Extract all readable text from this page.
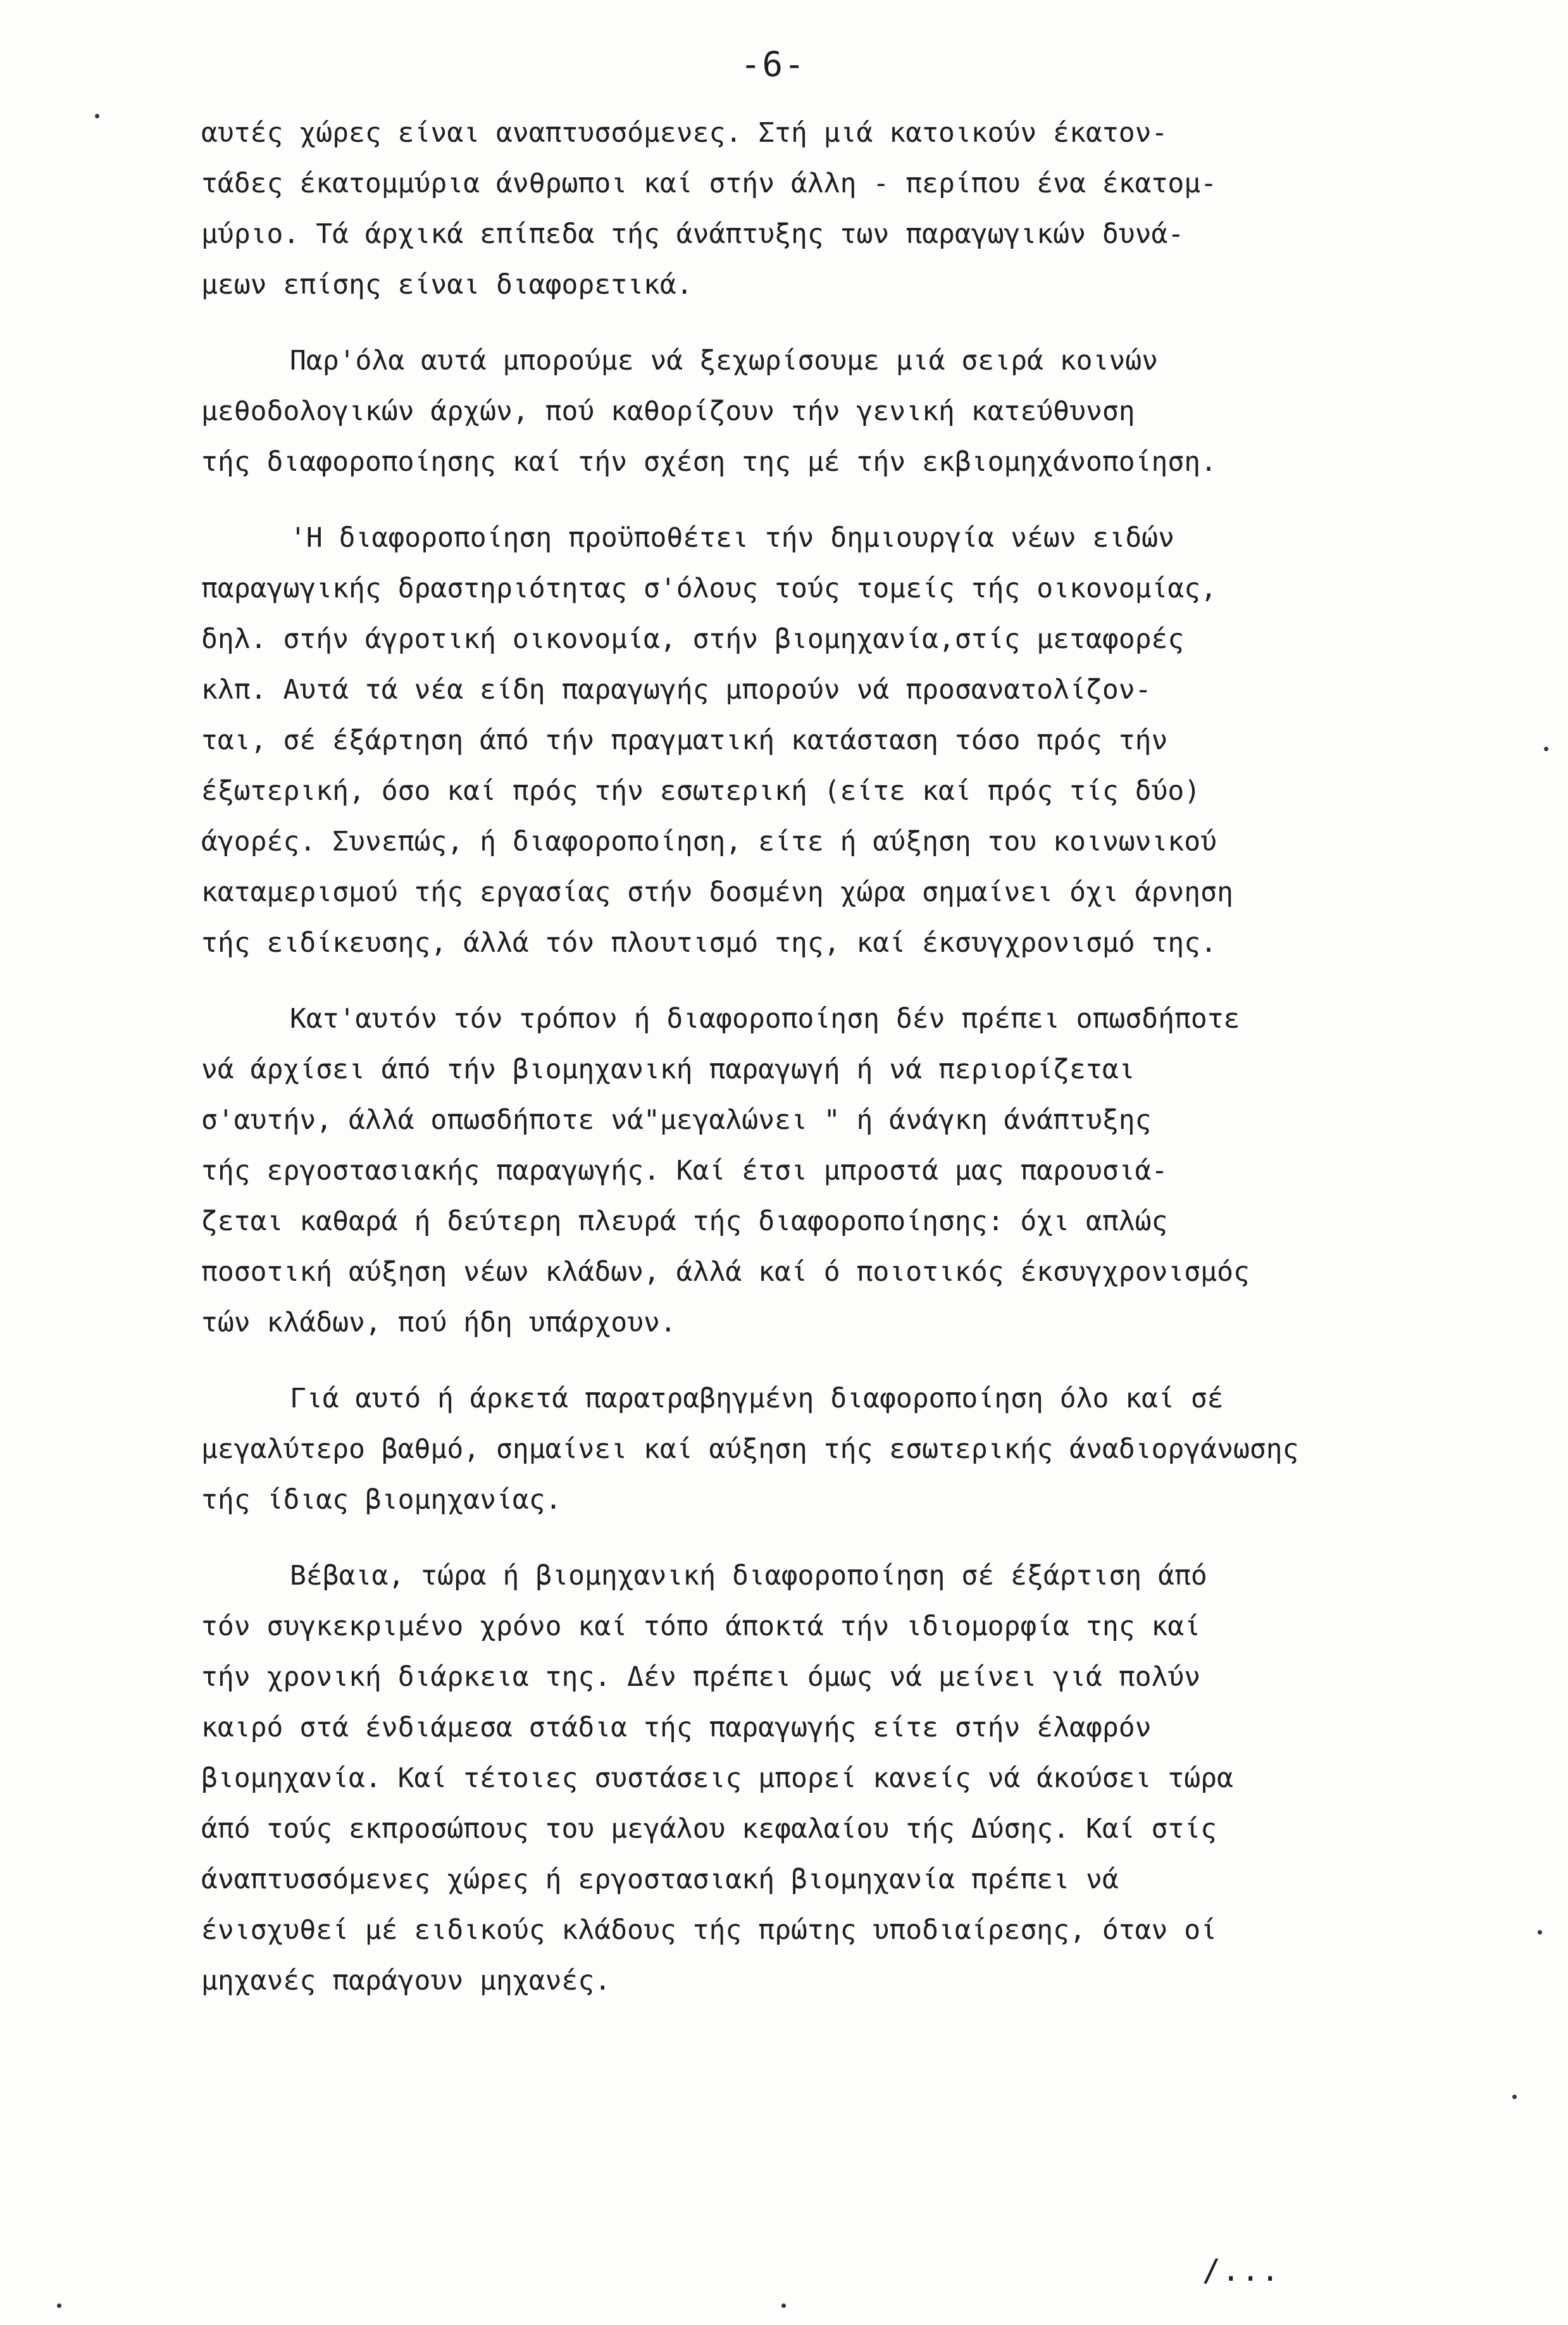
-6-
αυτές χώρες είναι αναπτυσσόμενες. Στή μιά κατοικούν έκατον-
τάδες έκατομμύρια άνθρωποι καί στήν άλλη - περίπου ένα έκατομ-
μύριο. Τά άρχικά επίπεδα τής άνάπτυξης των παραγωγικών δυνά-
μεων επίσης είναι διαφορετικά.
Παρ'όλα αυτά μπορούμε νά ξεχωρίσουμε μιά σειρά κοινών
μεθοδολογικών άρχών, πού καθορίζουν τήν γενική κατεύθυνση
τής διαφοροποίησης καί τήν σχέση της μέ τήν εκβιομηχάνοποίηση.
'Η διαφοροποίηση προϋποθέτει τήν δημιουργία νέων ειδών
παραγωγικής δραστηριότητας σ'όλους τούς τομείς τής οικονομίας,
δηλ. στήν άγροτική οικονομία, στήν βιομηχανία,στίς μεταφορές
κλπ. Αυτά τά νέα είδη παραγωγής μπορούν νά προσανατολίζον-
ται, σέ έξάρτηση άπό τήν πραγματική κατάσταση τόσο πρός τήν
έξωτερική, όσο καί πρός τήν εσωτερική (είτε καί πρός τίς δύο)
άγορές. Συνεπώς, ή διαφοροποίηση, είτε ή αύξηση του κοινωνικού
καταμερισμού τής εργασίας στήν δοσμένη χώρα σημαίνει όχι άρνηση
τής ειδίκευσης, άλλά τόν πλουτισμό της, καί έκσυγχρονισμό της.
Κατ'αυτόν τόν τρόπον ή διαφοροποίηση δέν πρέπει οπωσδήποτε
νά άρχίσει άπό τήν βιομηχανική παραγωγή ή νά περιορίζεται
σ'αυτήν, άλλά οπωσδήποτε νά"μεγαλώνει " ή άνάγκη άνάπτυξης
τής εργοστασιακής παραγωγής. Καί έτσι μπροστά μας παρουσιά-
ζεται καθαρά ή δεύτερη πλευρά τής διαφοροποίησης: όχι απλώς
ποσοτική αύξηση νέων κλάδων, άλλά καί ό ποιοτικός έκσυγχρονισμός
τών κλάδων, πού ήδη υπάρχουν.
Γιά αυτό ή άρκετά παρατραβηγμένη διαφοροποίηση όλο καί σέ
μεγαλύτερο βαθμό, σημαίνει καί αύξηση τής εσωτερικής άναδιοργάνωσης
τής ίδιας βιομηχανίας.
Βέβαια, τώρα ή βιομηχανική διαφοροποίηση σέ έξάρτιση άπό
τόν συγκεκριμένο χρόνο καί τόπο άποκτά τήν ιδιομορφία της καί
τήν χρονική διάρκεια της. Δέν πρέπει όμως νά μείνει γιά πολύν
καιρό στά ένδιάμεσα στάδια τής παραγωγής είτε στήν έλαφρόν
βιομηχανία. Καί τέτοιες συστάσεις μπορεί κανείς νά άκούσει τώρα
άπό τούς εκπροσώπους του μεγάλου κεφαλαίου τής Δύσης. Καί στίς
άναπτυσσόμενες χώρες ή εργοστασιακή βιομηχανία πρέπει νά
ένισχυθεί μέ ειδικούς κλάδους τής πρώτης υποδιαίρεσης, όταν οί
μηχανές παράγουν μηχανές.
/...
